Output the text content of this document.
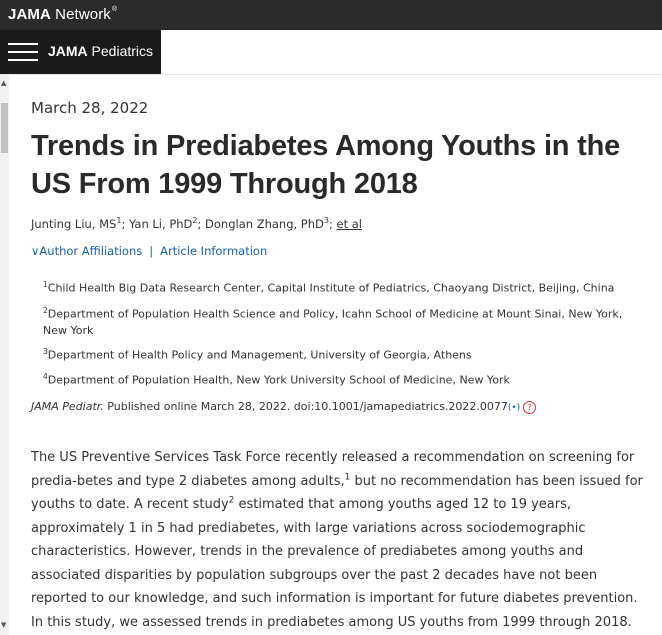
JAMA Network®
JAMA Pediatrics
▲
▼
March 28, 2022
Trends in Prediabetes Among Youths in the US From 1999 Through 2018
Junting Liu, $MS^1$; Yan Li, PhD$^2$; Donglan Zhang, PhD$^3$; et al
∨Author Affiliations | Article Information
$^1$Child Health Big Data Research Center, Capital Institute of Pediatrics, Chaoyang District, Beijing, China
$^2$Department of Population Health Science and Policy, Icahn School of Medicine at Mount Sinai, New York, New York
$^3$Department of Health Policy and Management, University of Georgia, Athens
$^4$Department of Population Health, New York University School of Medicine, New York
JAMA Pediatr. Published online March 28, 2022. doi:10.1001/jamapediatrics.2022.0077(•) ?
The US Preventive Services Task Force recently released a recommendation on screening for predia-betes and type 2 diabetes among adults,$^1$ but no recommendation has been issued for youths to date. A recent study$^2$ estimated that among youths aged 12 to 19 years, approximately 1 in 5 had prediabetes, with large variations across sociodemographic characteristics. However, trends in the prevalence of prediabetes among youths and associated disparities by population subgroups over the past 2 decades have not been reported to our knowledge, and such information is important for future diabetes prevention. In this study, we assessed trends in prediabetes among US youths from 1999 through 2018.
